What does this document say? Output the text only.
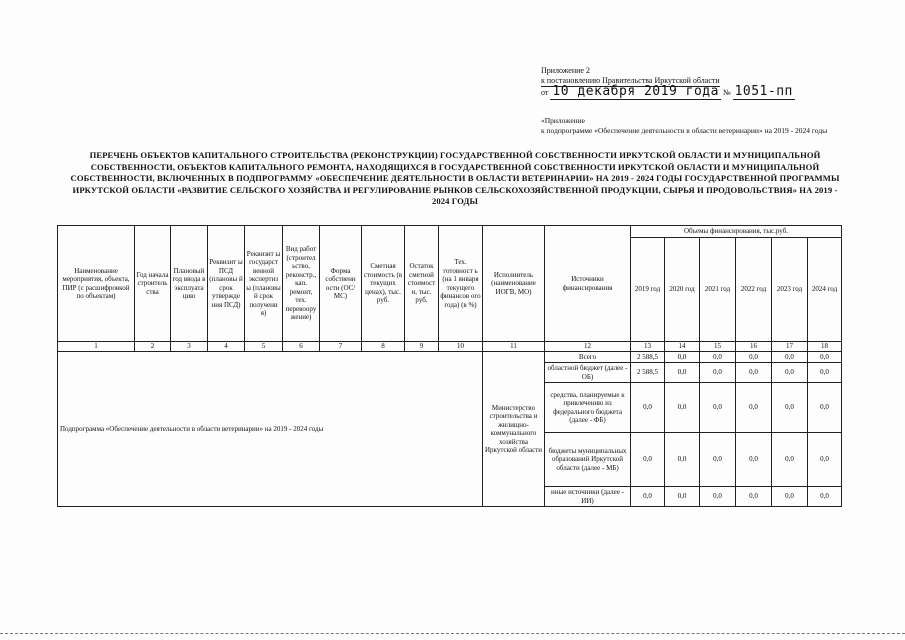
Приложение 2
к постановлению Правительства Иркутской области
от 10 декабря 2019 года № 1051-пп
«Приложение
к подпрограмме «Обеспечение деятельности в области ветеринарии» на 2019 - 2024 годы
ПЕРЕЧЕНЬ ОБЪЕКТОВ КАПИТАЛЬНОГО СТРОИТЕЛЬСТВА (РЕКОНСТРУКЦИИ) ГОСУДАРСТВЕННОЙ СОБСТВЕННОСТИ ИРКУТСКОЙ ОБЛАСТИ И МУНИЦИПАЛЬНОЙ СОБСТВЕННОСТИ, ОБЪЕКТОВ КАПИТАЛЬНОГО РЕМОНТА, НАХОДЯЩИХСЯ В ГОСУДАРСТВЕННОЙ СОБСТВЕННОСТИ ИРКУТСКОЙ ОБЛАСТИ И МУНИЦИПАЛЬНОЙ СОБСТВЕННОСТИ, ВКЛЮЧЕННЫХ В ПОДПРОГРАММУ «ОБЕСПЕЧЕНИЕ ДЕЯТЕЛЬНОСТИ В ОБЛАСТИ ВЕТЕРИНАРИИ» НА 2019 - 2024 ГОДЫ ГОСУДАРСТВЕННОЙ ПРОГРАММЫ ИРКУТСКОЙ ОБЛАСТИ «РАЗВИТИЕ СЕЛЬСКОГО ХОЗЯЙСТВА И РЕГУЛИРОВАНИЕ РЫНКОВ СЕЛЬСКОХОЗЯЙСТВЕННОЙ ПРОДУКЦИИ, СЫРЬЯ И ПРОДОВОЛЬСТВИЯ» НА 2019 - 2024 ГОДЫ
Наименование мероприятия, объекта, ПИР (с расшифровкой по объектам)	Год начала строитель ства	Плановый год ввода в эксплуата цию	Реквизит ы ПСД (плановы й срок утвержде ния ПСД)	Реквизит ы государст венной экспертиз ы (плановы й срок получени я)	Вид работ (строител ьство, реконстр., кап. ремонт, тех. перевоору жение)	Форма собственн ости (ОС/МС)	Сметная стоимость (в текущих ценах), тыс. руб.	Остаток сметной стоимост и, тыс. руб.	Тех. готовност ь (на 1 января текущего финансов ого года) (в %)	Исполнитель (наименование ИОГВ, МО)	Источники финансирования	Объемы финансирования, тыс.руб.					
												2019 год	2020 год	2021 год	2022 год	2023 год	2024 год
1	2	3	4	5	6	7	8	9	10	11	12	13	14	15	16	17	18
Подпрограмма «Обеспечение деятельности в области ветеринарии» на 2019 - 2024 годы										Министерство строительства и жилищно-коммунального хозяйства Иркутской области	Всего	2 588,5	0,0	0,0	0,0	0,0	0,0
											областной бюджет (далее - ОБ)	2 588,5	0,0	0,0	0,0	0,0	0,0
											средства, планируемые к привлечению из федерального бюджета (далее - ФБ)	0,0	0,0	0,0	0,0	0,0	0,0
											бюджеты муниципальных образований Иркутской области (далее - МБ)	0,0	0,0	0,0	0,0	0,0	0,0
											иные источники (далее - ИИ)	0,0	0,0	0,0	0,0	0,0	0,0
